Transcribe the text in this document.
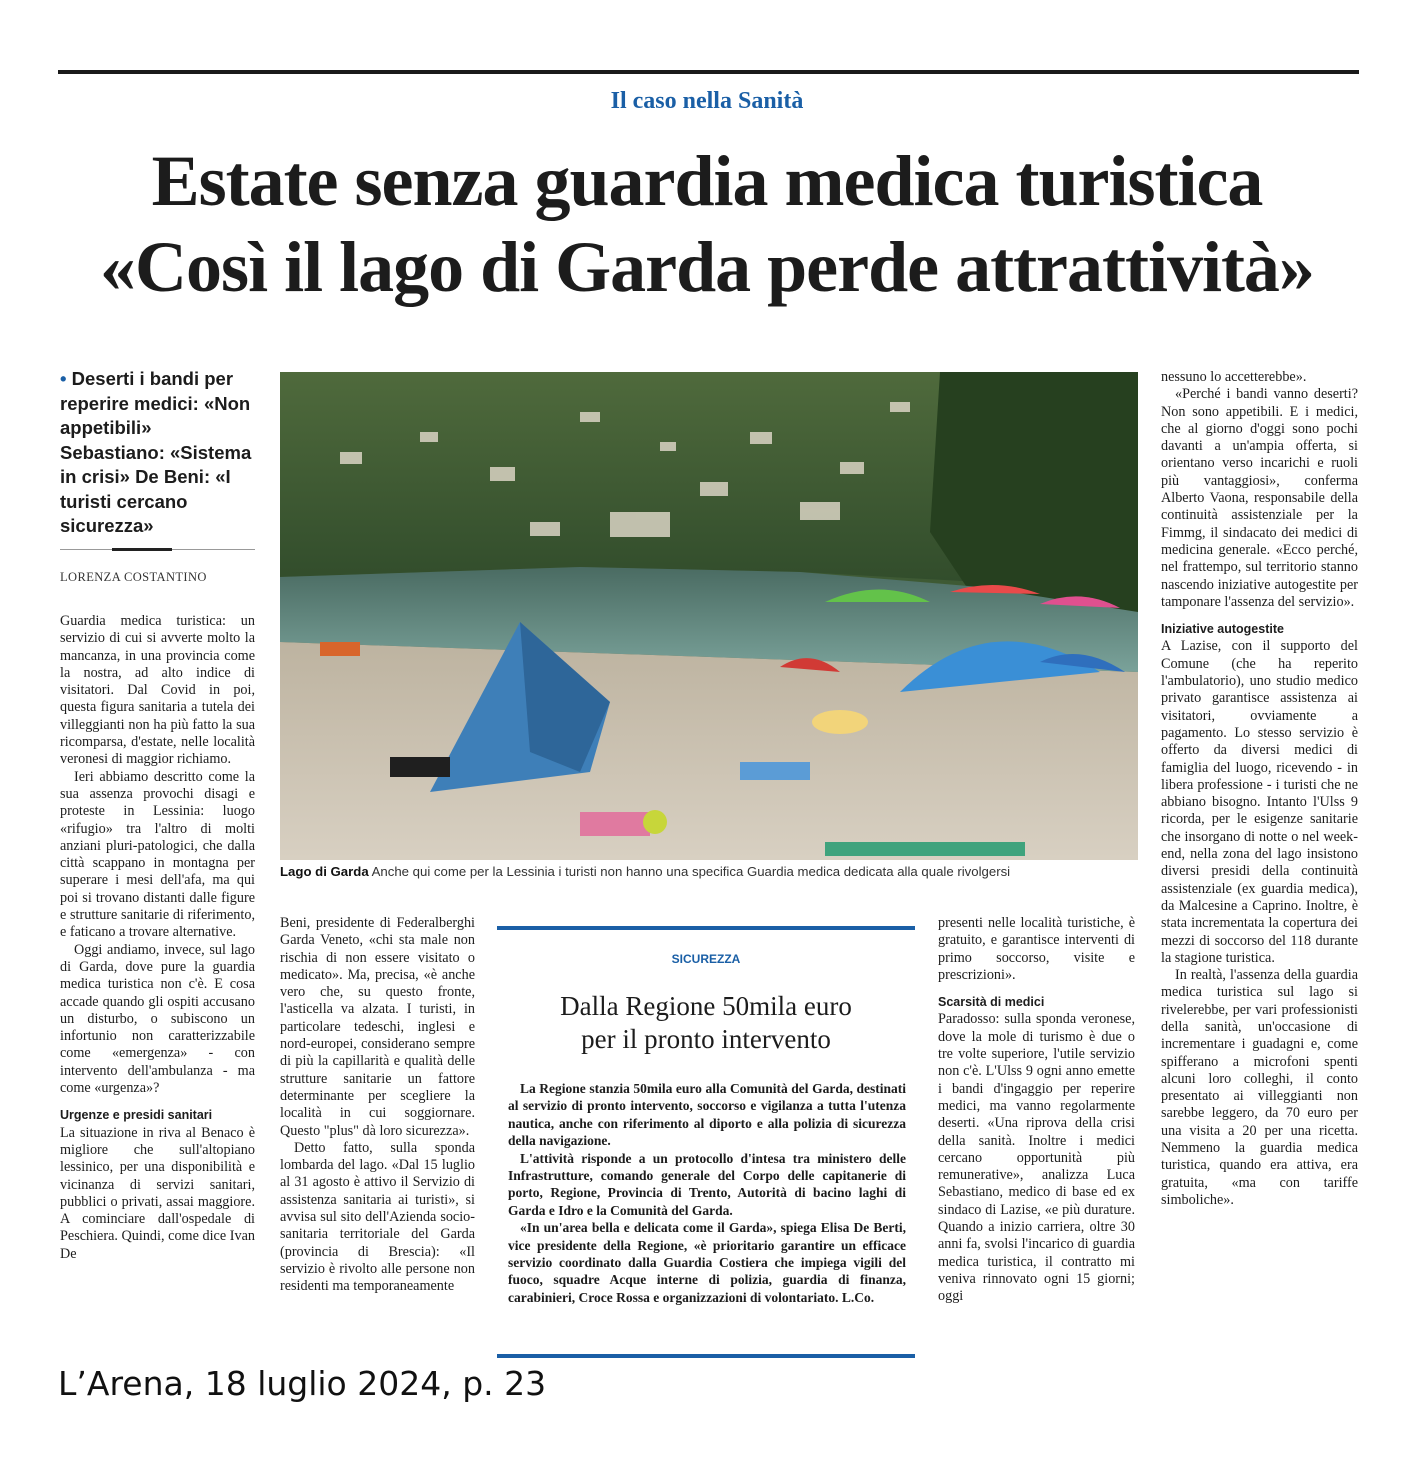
Il caso nella Sanità
Estate senza guardia medica turistica
«Così il lago di Garda perde attrattività»
• Deserti i bandi per reperire medici: «Non appetibili» Sebastiano: «Sistema in crisi» De Beni: «I turisti cercano sicurezza»
LORENZA COSTANTINO

Guardia medica turistica: un servizio di cui si avverte molto la mancanza, in una provincia come la nostra, ad alto indice di visitatori. Dal Covid in poi, questa figura sanitaria a tutela dei villeggianti non ha più fatto la sua ricomparsa, d'estate, nelle località veronesi di maggior richiamo.

Ieri abbiamo descritto come la sua assenza provochi disagi e proteste in Lessinia: luogo «rifugio» tra l'altro di molti anziani pluri-patologici, che dalla città scappano in montagna per superare i mesi dell'afa, ma qui poi si trovano distanti dalle figure e strutture sanitarie di riferimento, e faticano a trovare alternative.

Oggi andiamo, invece, sul lago di Garda, dove pure la guardia medica turistica non c'è. E cosa accade quando gli ospiti accusano un disturbo, o subiscono un infortunio non caratterizzabile come «emergenza» - con intervento dell'ambulanza - ma come «urgenza»?

Urgenze e presidi sanitari

La situazione in riva al Benaco è migliore che sull'altopiano lessinico, per una disponibilità e vicinanza di servizi sanitari, pubblici o privati, assai maggiore. A cominciare dall'ospedale di Peschiera. Quindi, come dice Ivan De

Lago di Garda Anche qui come per la Lessinia i turisti non hanno una specifica Guardia medica dedicata alla quale rivolgersi

Beni, presidente di Federalberghi Garda Veneto, «chi sta male non rischia di non essere visitato o medicato». Ma, precisa, «è anche vero che, su questo fronte, l'asticella va alzata. I turisti, in particolare tedeschi, inglesi e nord-europei, considerano sempre di più la capillarità e qualità delle strutture sanitarie un fattore determinante per scegliere la località in cui soggiornare. Questo "plus" dà loro sicurezza».

Detto fatto, sulla sponda lombarda del lago. «Dal 15 luglio al 31 agosto è attivo il Servizio di assistenza sanitaria ai turisti», si avvisa sul sito dell'Azienda socio-sanitaria territoriale del Garda (provincia di Brescia): «Il servizio è rivolto alle persone non residenti ma temporaneamente

SICUREZZA
Dalla Regione 50mila euro
per il pronto intervento

La Regione stanzia 50mila euro alla Comunità del Garda, destinati al servizio di pronto intervento, soccorso e vigilanza a tutta l'utenza nautica, anche con riferimento al diporto e alla polizia di sicurezza della navigazione.

L'attività risponde a un protocollo d'intesa tra ministero delle Infrastrutture, comando generale del Corpo delle capitanerie di porto, Regione, Provincia di Trento, Autorità di bacino laghi di Garda e Idro e la Comunità del Garda.

«In un'area bella e delicata come il Garda», spiega Elisa De Berti, vice presidente della Regione, «è prioritario garantire un efficace servizio coordinato dalla Guardia Costiera che impiega vigili del fuoco, squadre Acque interne di polizia, guardia di finanza, carabinieri, Croce Rossa e organizzazioni di volontariato. L.Co.

presenti nelle località turistiche, è gratuito, e garantisce interventi di primo soccorso, visite e prescrizioni».

Scarsità di medici

Paradosso: sulla sponda veronese, dove la mole di turismo è due o tre volte superiore, l'utile servizio non c'è. L'Ulss 9 ogni anno emette i bandi d'ingaggio per reperire medici, ma vanno regolarmente deserti. «Una riprova della crisi della sanità. Inoltre i medici cercano opportunità più remunerative», analizza Luca Sebastiano, medico di base ed ex sindaco di Lazise, «e più durature. Quando a inizio carriera, oltre 30 anni fa, svolsi l'incarico di guardia medica turistica, il contratto mi veniva rinnovato ogni 15 giorni; oggi

nessuno lo accetterebbe».

«Perché i bandi vanno deserti? Non sono appetibili. E i medici, che al giorno d'oggi sono pochi davanti a un'ampia offerta, si orientano verso incarichi e ruoli più vantaggiosi», conferma Alberto Vaona, responsabile della continuità assistenziale per la Fimmg, il sindacato dei medici di medicina generale. «Ecco perché, nel frattempo, sul territorio stanno nascendo iniziative autogestite per tamponare l'assenza del servizio».

Iniziative autogestite

A Lazise, con il supporto del Comune (che ha reperito l'ambulatorio), uno studio medico privato garantisce assistenza ai visitatori, ovviamente a pagamento. Lo stesso servizio è offerto da diversi medici di famiglia del luogo, ricevendo - in libera professione - i turisti che ne abbiano bisogno. Intanto l'Ulss 9 ricorda, per le esigenze sanitarie che insorgano di notte o nel week-end, nella zona del lago insistono diversi presidi della continuità assistenziale (ex guardia medica), da Malcesine a Caprino. Inoltre, è stata incrementata la copertura dei mezzi di soccorso del 118 durante la stagione turistica.

In realtà, l'assenza della guardia medica turistica sul lago si rivelerebbe, per vari professionisti della sanità, un'occasione di incrementare i guadagni e, come spifferano a microfoni spenti alcuni loro colleghi, il conto presentato ai villeggianti non sarebbe leggero, da 70 euro per una visita a 20 per una ricetta. Nemmeno la guardia medica turistica, quando era attiva, era gratuita, «ma con tariffe simboliche».

L’Arena, 18 luglio 2024, p. 23
